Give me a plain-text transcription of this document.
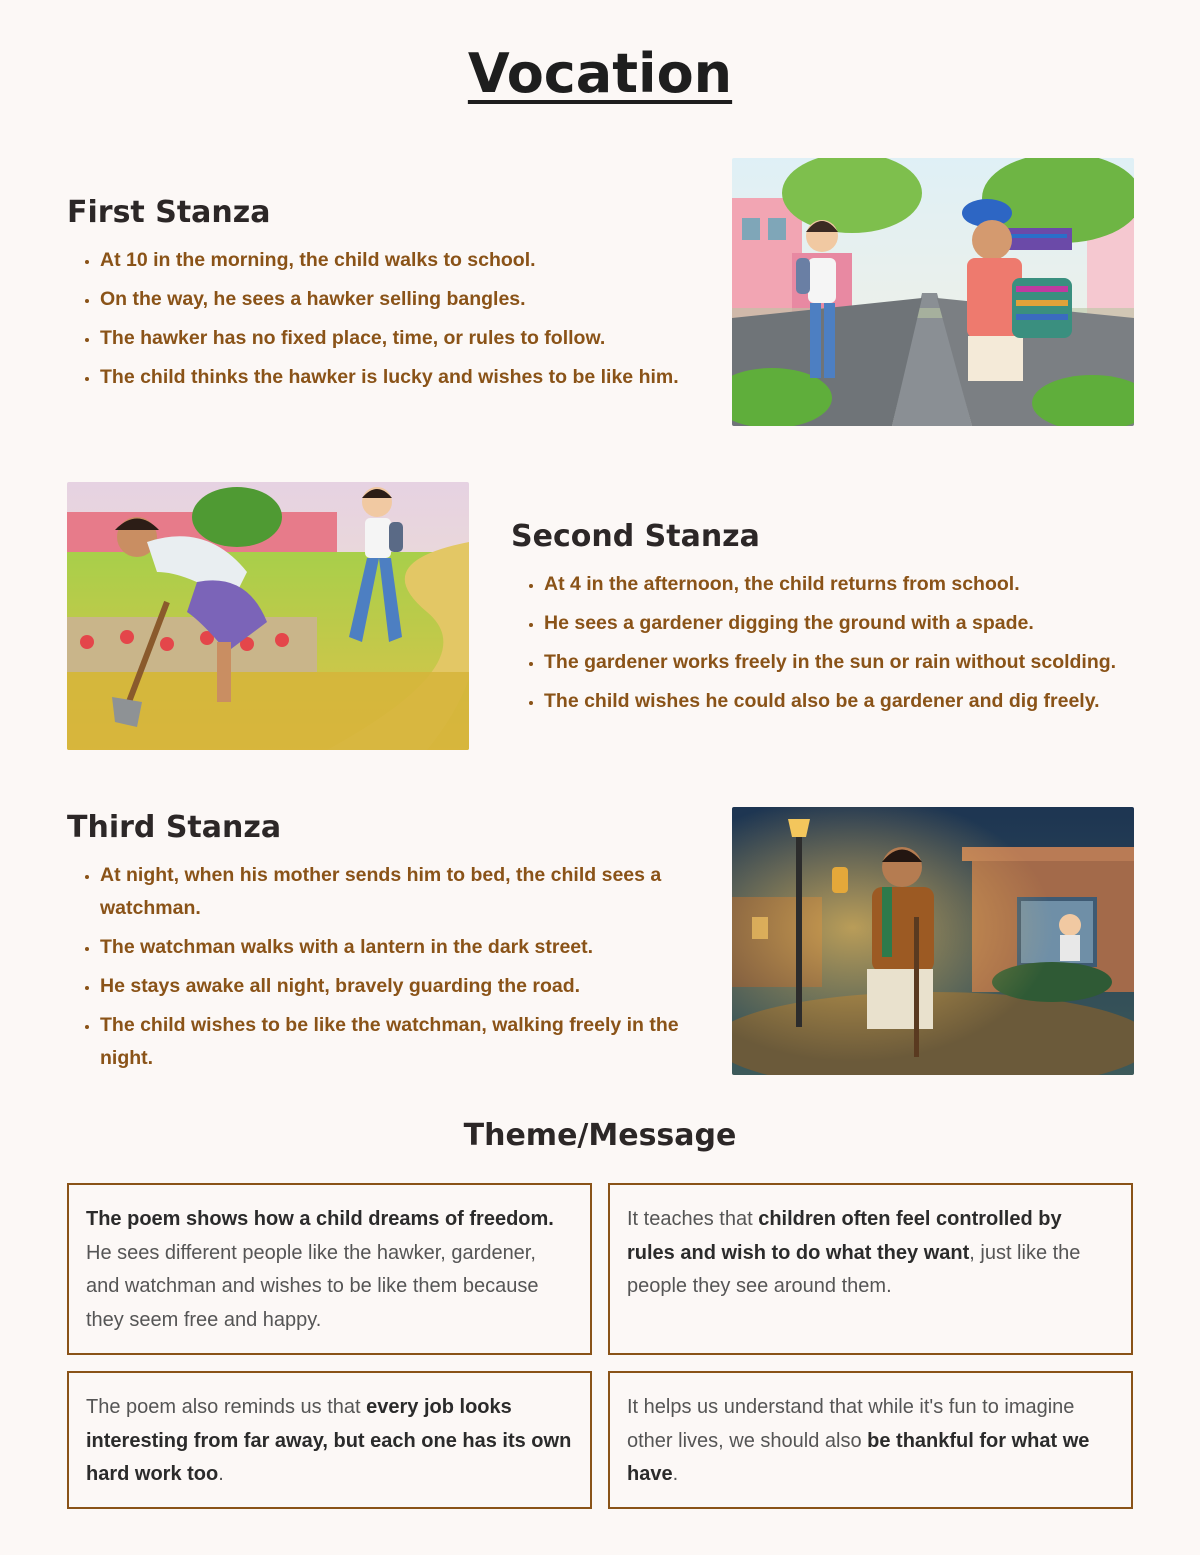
Vocation
First Stanza
• At 10 in the morning, the child walks to school.
• On the way, he sees a hawker selling bangles.
• The hawker has no fixed place, time, or rules to follow.
• The child thinks the hawker is lucky and wishes to be like him.
Second Stanza
• At 4 in the afternoon, the child returns from school.
• He sees a gardener digging the ground with a spade.
• The gardener works freely in the sun or rain without scolding.
• The child wishes he could also be a gardener and dig freely.
Third Stanza
• At night, when his mother sends him to bed, the child sees a watchman.
• The watchman walks with a lantern in the dark street.
• He stays awake all night, bravely guarding the road.
• The child wishes to be like the watchman, walking freely in the night.
Theme/Message
The poem shows how a child dreams of freedom. He sees different people like the hawker, gardener, and watchman and wishes to be like them because they seem free and happy.
It teaches that children often feel controlled by rules and wish to do what they want, just like the people they see around them.
The poem also reminds us that every job looks interesting from far away, but each one has its own hard work too.
It helps us understand that while it's fun to imagine other lives, we should also be thankful for what we have.
